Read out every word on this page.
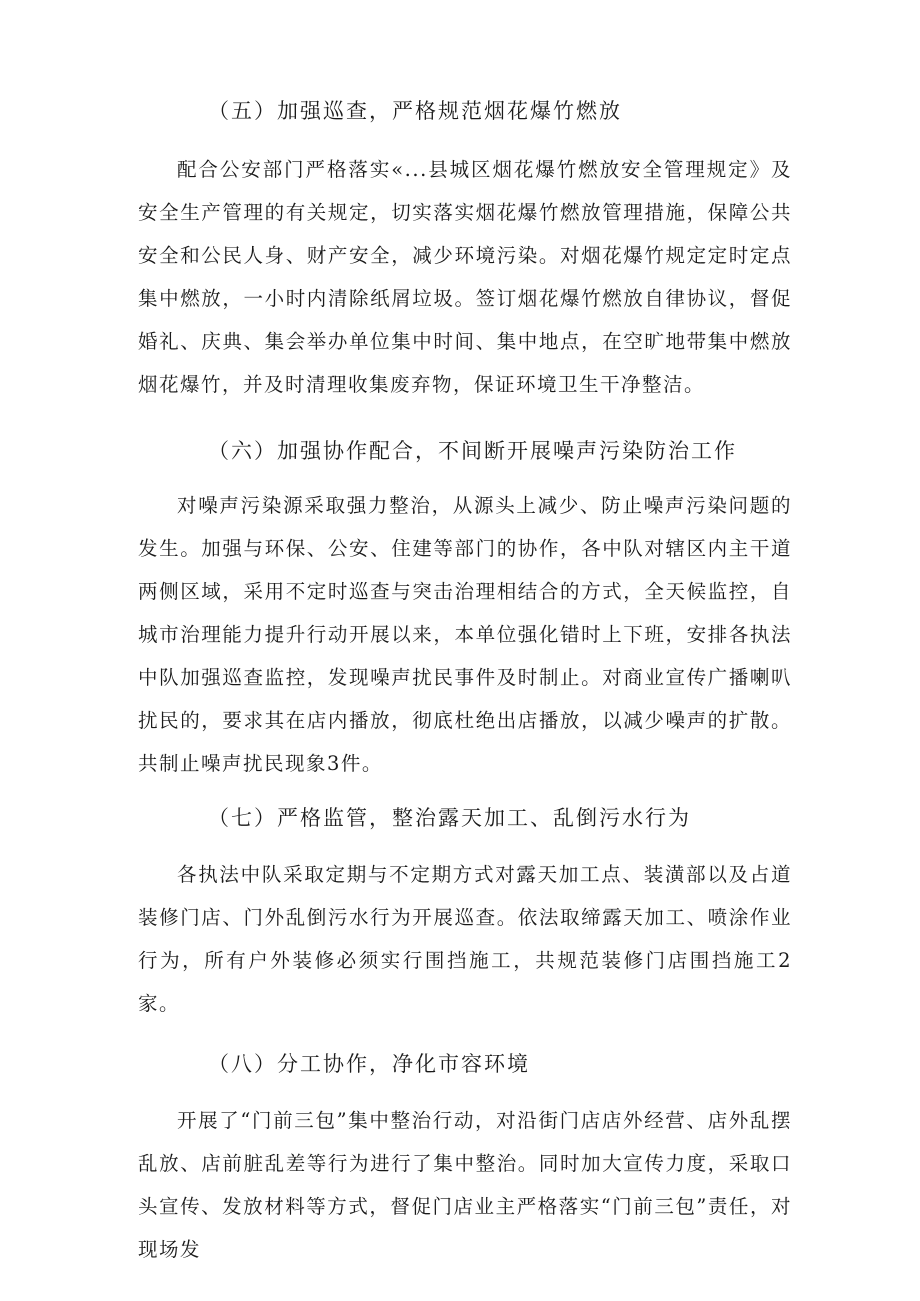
（五）加强巡查，严格规范烟花爆竹燃放

配合公安部门严格落实«...县城区烟花爆竹燃放安全管理规定》及安全生产管理的有关规定，切实落实烟花爆竹燃放管理措施，保障公共安全和公民人身、财产安全，减少环境污染。对烟花爆竹规定定时定点集中燃放，一小时内清除纸屑垃圾。签订烟花爆竹燃放自律协议，督促婚礼、庆典、集会举办单位集中时间、集中地点，在空旷地带集中燃放烟花爆竹，并及时清理收集废弃物，保证环境卫生干净整洁。

（六）加强协作配合，不间断开展噪声污染防治工作

对噪声污染源采取强力整治，从源头上减少、防止噪声污染问题的发生。加强与环保、公安、住建等部门的协作，各中队对辖区内主干道两侧区域，采用不定时巡查与突击治理相结合的方式，全天候监控，自城市治理能力提升行动开展以来，本单位强化错时上下班，安排各执法中队加强巡查监控，发现噪声扰民事件及时制止。对商业宣传广播喇叭扰民的，要求其在店内播放，彻底杜绝出店播放，以减少噪声的扩散。共制止噪声扰民现象3件。

（七）严格监管，整治露天加工、乱倒污水行为

各执法中队采取定期与不定期方式对露天加工点、装潢部以及占道装修门店、门外乱倒污水行为开展巡查。依法取缔露天加工、喷涂作业行为，所有户外装修必须实行围挡施工，共规范装修门店围挡施工2家。

（八）分工协作，净化市容环境

开展了“门前三包”集中整治行动，对沿街门店店外经营、店外乱摆乱放、店前脏乱差等行为进行了集中整治。同时加大宣传力度，采取口头宣传、发放材料等方式，督促门店业主严格落实“门前三包”责任，对现场发
